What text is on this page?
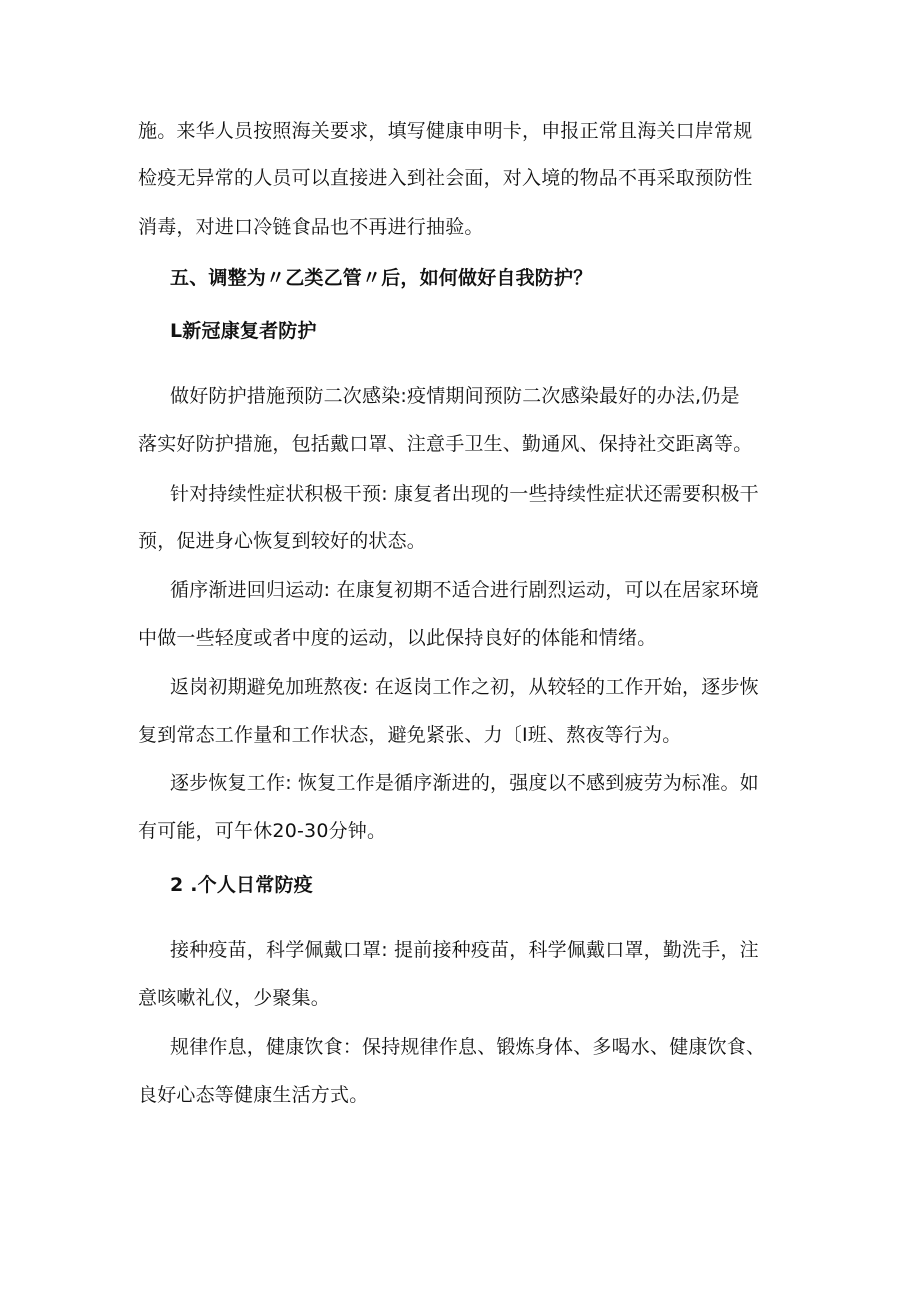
施。来华人员按照海关要求，填写健康申明卡，申报正常且海关口岸常规
检疫无异常的人员可以直接进入到社会面，对入境的物品不再采取预防性
消毒，对进口冷链食品也不再进行抽验。
五、调整为〃乙类乙管〃后，如何做好自我防护？
L新冠康复者防护
做好防护措施预防二次感染:疫情期间预防二次感染最好的办法,仍是
落实好防护措施，包括戴口罩、注意手卫生、勤通风、保持社交距离等。
针对持续性症状积极干预: 康复者出现的一些持续性症状还需要积极干
预，促进身心恢复到较好的状态。
循序渐进回归运动: 在康复初期不适合进行剧烈运动，可以在居家环境
中做一些轻度或者中度的运动，以此保持良好的体能和情绪。
返岗初期避免加班熬夜: 在返岗工作之初，从较轻的工作开始，逐步恢
复到常态工作量和工作状态，避免紧张、力〔I班、熬夜等行为。
逐步恢复工作: 恢复工作是循序渐进的，强度以不感到疲劳为标准。如
有可能，可午休20-30分钟。
2 .个人日常防疫
接种疫苗，科学佩戴口罩: 提前接种疫苗，科学佩戴口罩，勤洗手，注
意咳嗽礼仪，少聚集。
规律作息，健康饮食：保持规律作息、锻炼身体、多喝水、健康饮食、
良好心态等健康生活方式。
